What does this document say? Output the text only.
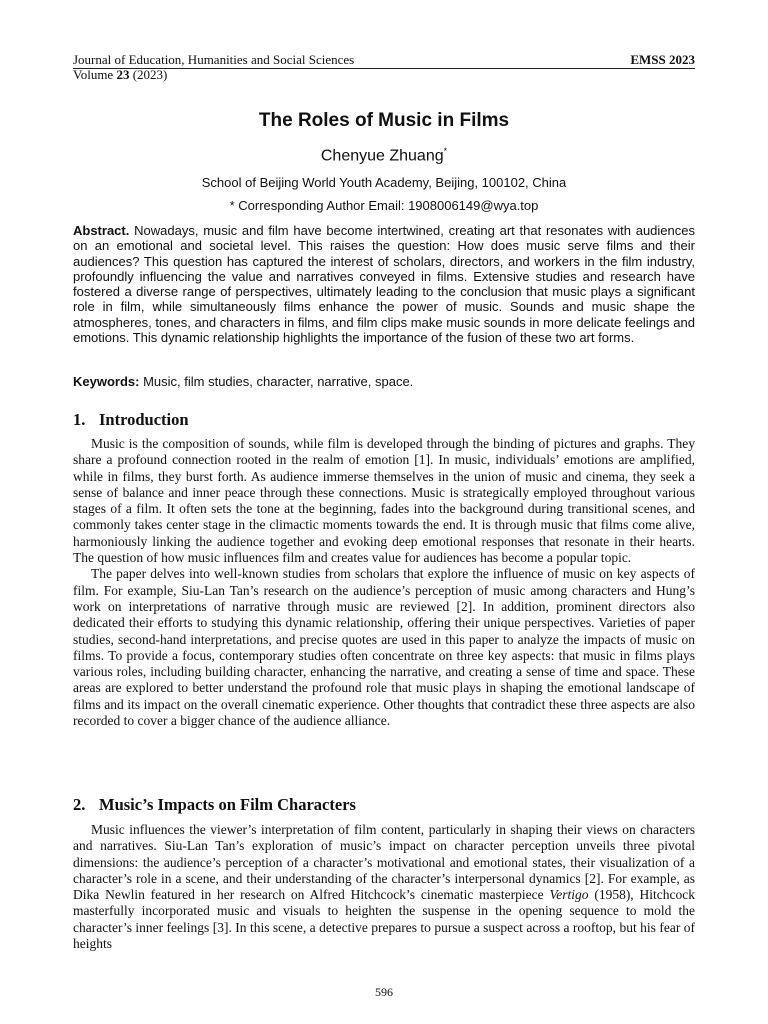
Journal of Education, Humanities and Social Sciences	EMSS 2023
Volume 23 (2023)
The Roles of Music in Films
Chenyue Zhuang*
School of Beijing World Youth Academy, Beijing, 100102, China
* Corresponding Author Email: 1908006149@wya.top

Abstract. Nowadays, music and film have become intertwined, creating art that resonates with audiences on an emotional and societal level. This raises the question: How does music serve films and their audiences? This question has captured the interest of scholars, directors, and workers in the film industry, profoundly influencing the value and narratives conveyed in films. Extensive studies and research have fostered a diverse range of perspectives, ultimately leading to the conclusion that music plays a significant role in film, while simultaneously films enhance the power of music. Sounds and music shape the atmospheres, tones, and characters in films, and film clips make music sounds in more delicate feelings and emotions. This dynamic relationship highlights the importance of the fusion of these two art forms.

Keywords: Music, film studies, character, narrative, space.

1. Introduction

Music is the composition of sounds, while film is developed through the binding of pictures and graphs. They share a profound connection rooted in the realm of emotion [1]. In music, individuals’ emotions are amplified, while in films, they burst forth. As audience immerse themselves in the union of music and cinema, they seek a sense of balance and inner peace through these connections. Music is strategically employed throughout various stages of a film. It often sets the tone at the beginning, fades into the background during transitional scenes, and commonly takes center stage in the climactic moments towards the end. It is through music that films come alive, harmoniously linking the audience together and evoking deep emotional responses that resonate in their hearts. The question of how music influences film and creates value for audiences has become a popular topic.

The paper delves into well-known studies from scholars that explore the influence of music on key aspects of film. For example, Siu-Lan Tan’s research on the audience’s perception of music among characters and Hung’s work on interpretations of narrative through music are reviewed [2]. In addition, prominent directors also dedicated their efforts to studying this dynamic relationship, offering their unique perspectives. Varieties of paper studies, second-hand interpretations, and precise quotes are used in this paper to analyze the impacts of music on films. To provide a focus, contemporary studies often concentrate on three key aspects: that music in films plays various roles, including building character, enhancing the narrative, and creating a sense of time and space. These areas are explored to better understand the profound role that music plays in shaping the emotional landscape of films and its impact on the overall cinematic experience. Other thoughts that contradict these three aspects are also recorded to cover a bigger chance of the audience alliance.

2. Music’s Impacts on Film Characters

Music influences the viewer’s interpretation of film content, particularly in shaping their views on characters and narratives. Siu-Lan Tan’s exploration of music’s impact on character perception unveils three pivotal dimensions: the audience’s perception of a character’s motivational and emotional states, their visualization of a character’s role in a scene, and their understanding of the character’s interpersonal dynamics [2]. For example, as Dika Newlin featured in her research on Alfred Hitchcock’s cinematic masterpiece Vertigo (1958), Hitchcock masterfully incorporated music and visuals to heighten the suspense in the opening sequence to mold the character’s inner feelings [3]. In this scene, a detective prepares to pursue a suspect across a rooftop, but his fear of heights

596
